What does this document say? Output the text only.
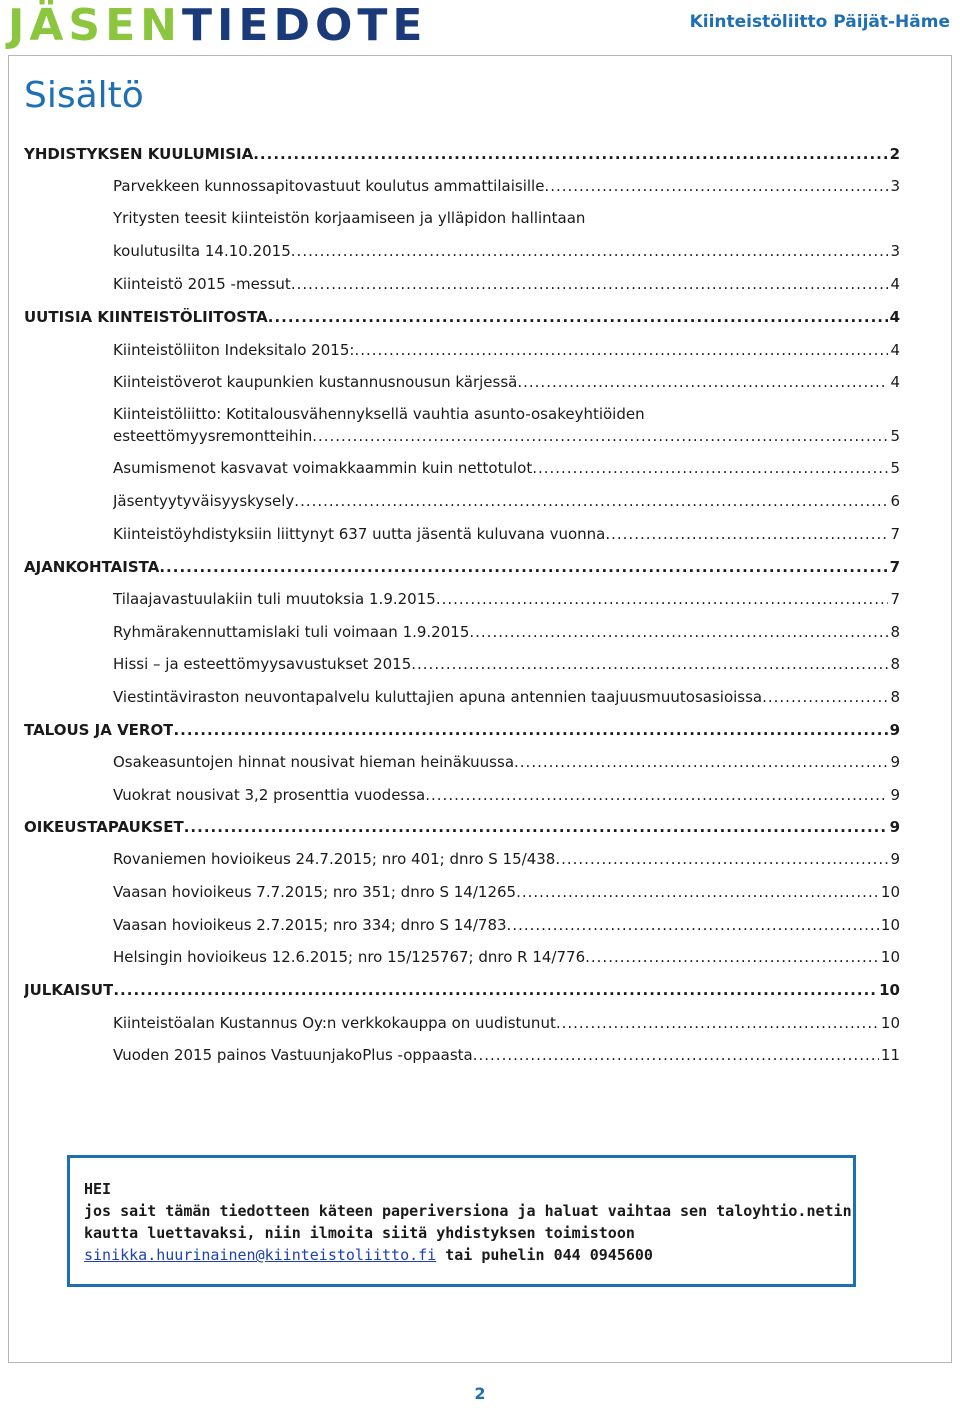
JÄSENTIEDOTE	Kiinteistöliitto Päijät-Häme
Sisältö
YHDISTYKSEN KUULUMISIA .....	2
Parvekkeen kunnossapitovastuut koulutus ammattilaisille .....	3
Yritysten teesit kiinteistön korjaamiseen ja ylläpidon hallintaan
koulutusilta 14.10.2015 .....	3
Kiinteistö 2015 -messut .....	4
UUTISIA KIINTEISTÖLIITOSTA .....	4
Kiinteistöliiton Indeksitalo 2015: .....	4
Kiinteistöverot kaupunkien kustannusnousun kärjessä .....	4
Kiinteistöliitto: Kotitalousvähennyksellä vauhtia asunto-osakeyhtiöiden
esteettömyysremontteihin .....	5
Asumismenot kasvavat voimakkaammin kuin nettotulot .....	5
Jäsentyytyväisyyskysely .....	6
Kiinteistöyhdistyksiin liittynyt 637 uutta jäsentä kuluvana vuonna .....	7
AJANKOHTAISTA .....	7
Tilaajavastuulakiin tuli muutoksia 1.9.2015 .....	7
Ryhmärakennuttamislaki tuli voimaan 1.9.2015 .....	8
Hissi – ja esteettömyysavustukset 2015 .....	8
Viestintäviraston neuvontapalvelu kuluttajien apuna antennien taajuusmuutosasioissa .....	8
TALOUS JA VEROT .....	9
Osakeasuntojen hinnat nousivat hieman heinäkuussa .....	9
Vuokrat nousivat 3,2 prosenttia vuodessa .....	9
OIKEUSTAPAUKSET .....	9
Rovaniemen hovioikeus 24.7.2015; nro 401; dnro S 15/438 .....	9
Vaasan hovioikeus 7.7.2015; nro 351; dnro S 14/1265 .....	10
Vaasan hovioikeus 2.7.2015; nro 334; dnro S 14/783 .....	10
Helsingin hovioikeus 12.6.2015; nro 15/125767; dnro R 14/776 .....	10
JULKAISUT .....	10
Kiinteistöalan Kustannus Oy:n verkkokauppa on uudistunut .....	10
Vuoden 2015 painos VastuunjakoPlus -oppaasta .....	11
HEI
jos sait tämän tiedotteen käteen paperiversiona ja haluat vaihtaa sen taloyhtio.netin
kautta luettavaksi, niin ilmoita siitä yhdistyksen toimistoon
sinikka.huurinainen@kiinteistoliitto.fi tai puhelin 044 0945600
2
